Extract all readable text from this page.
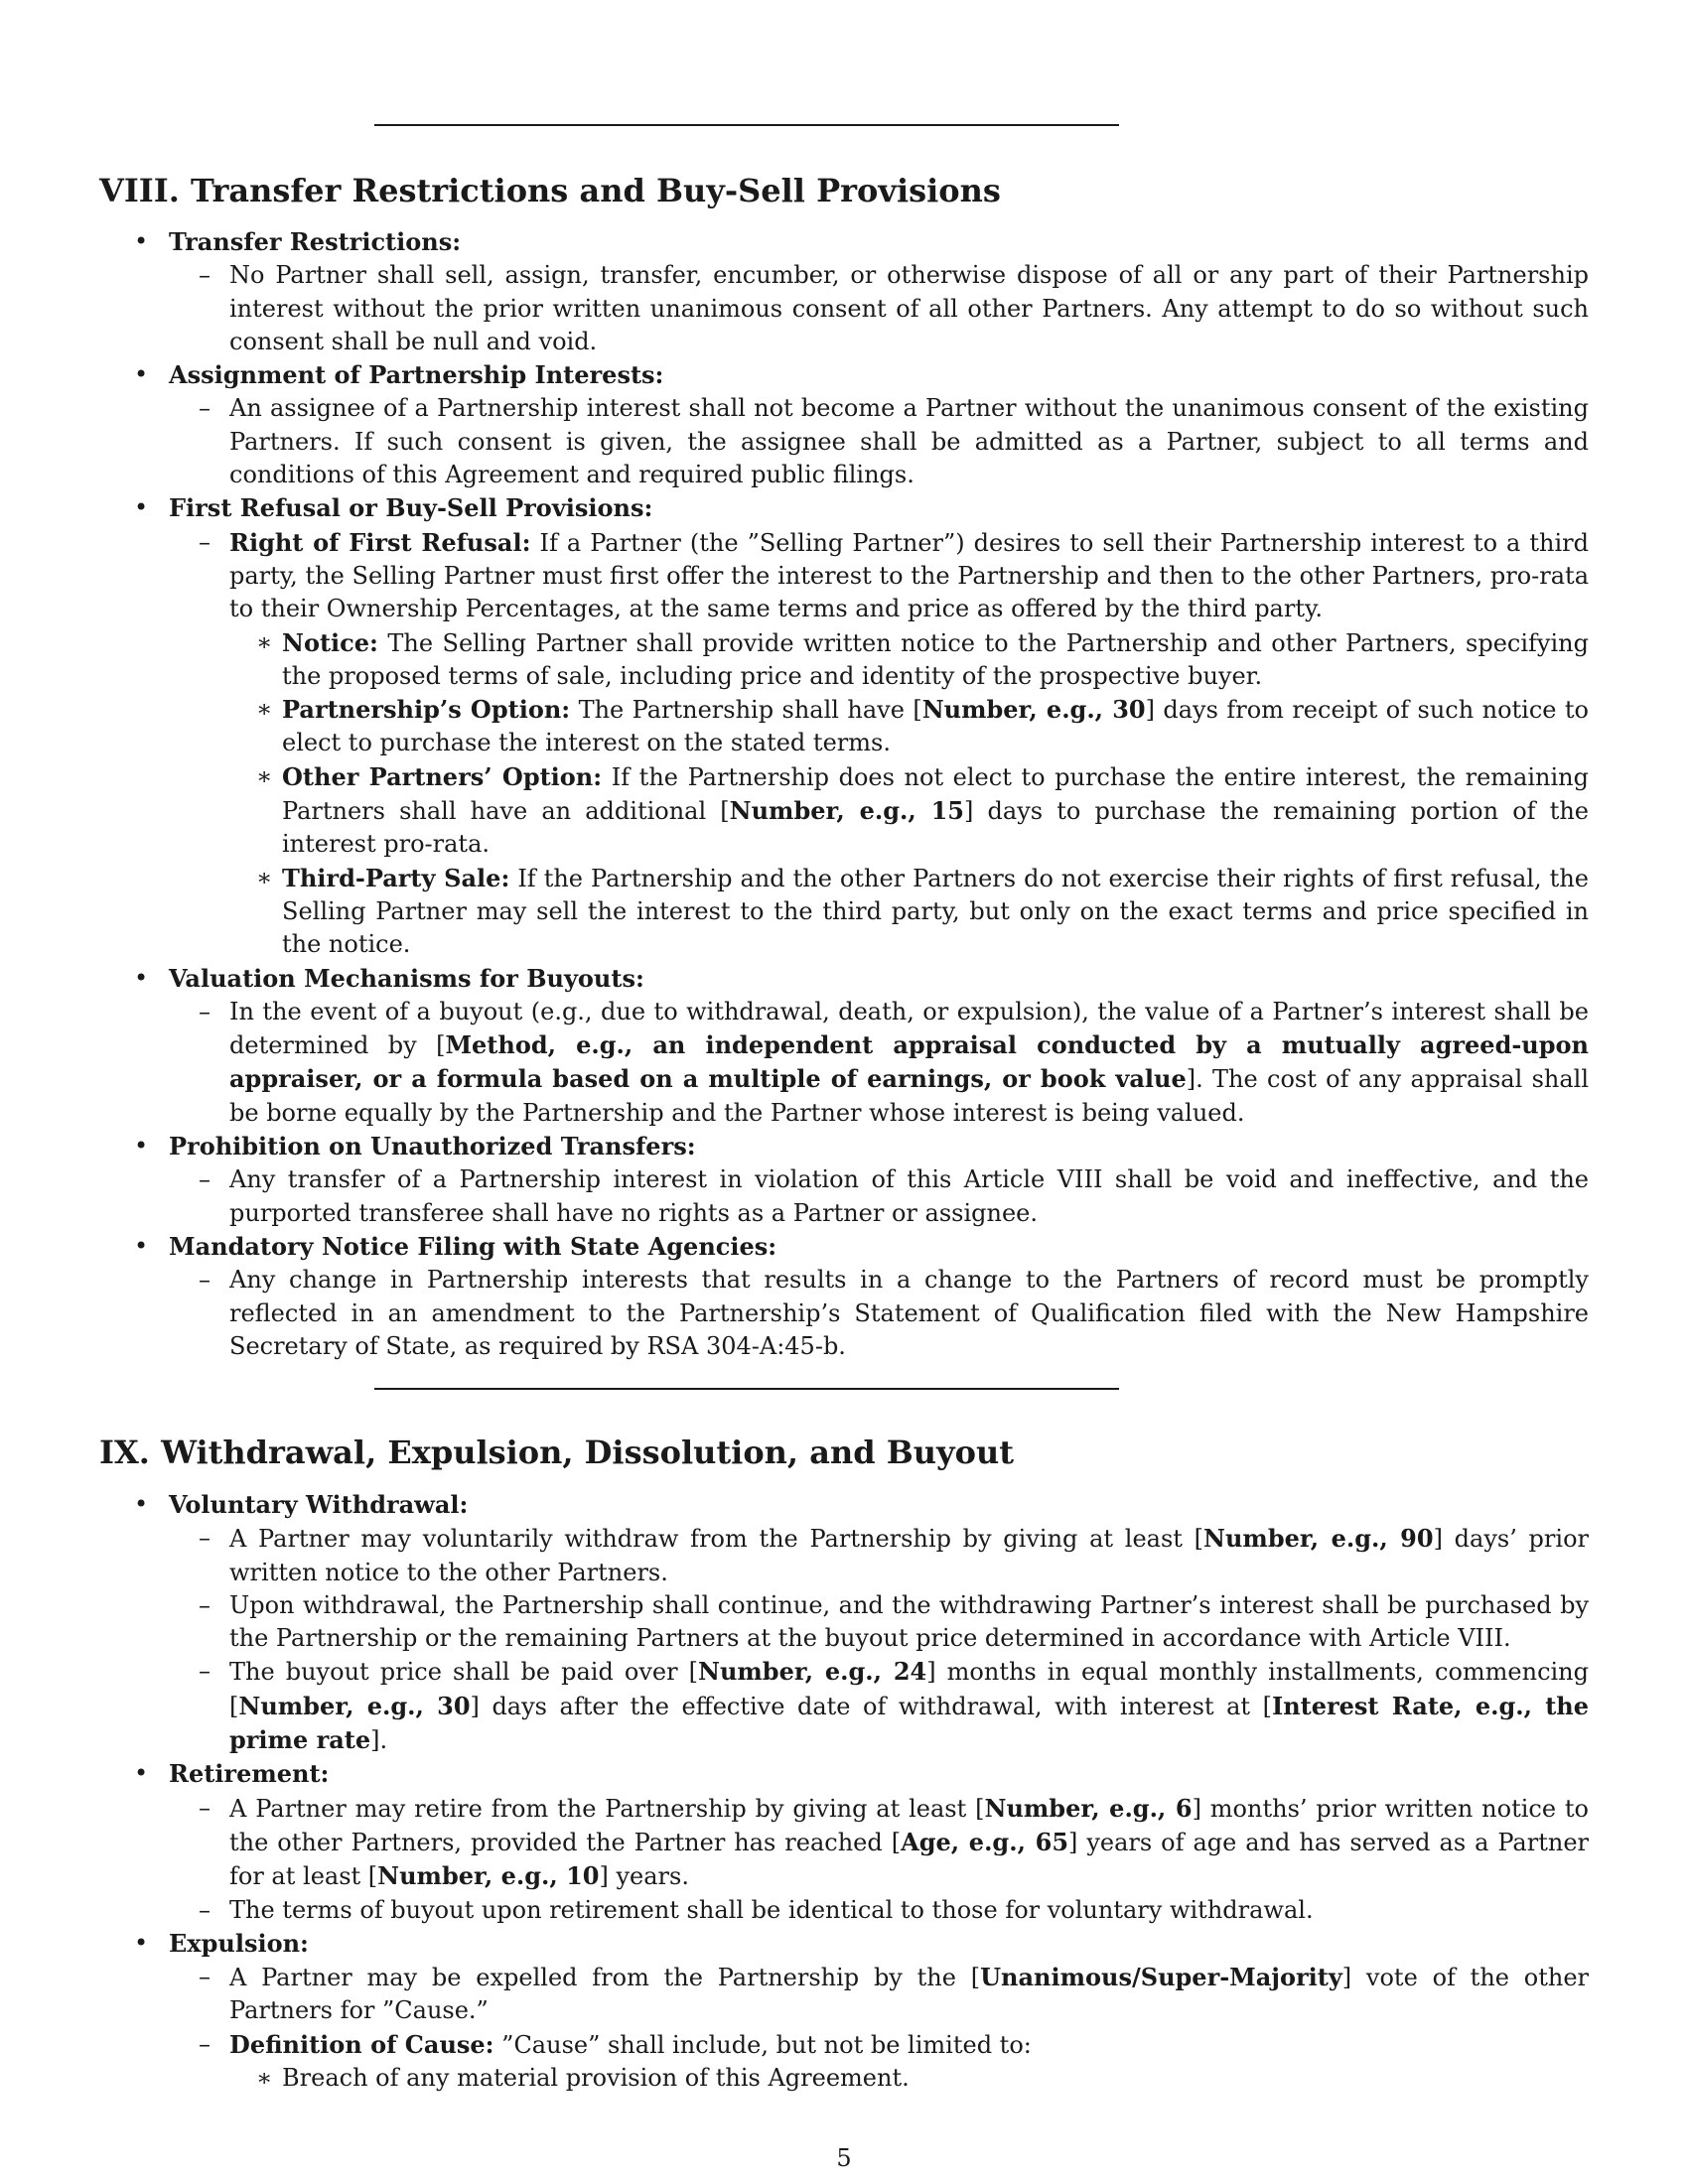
VIII. Transfer Restrictions and Buy-Sell Provisions
• Transfer Restrictions:
– No Partner shall sell, assign, transfer, encumber, or otherwise dispose of all or any part of their Partnership interest without the prior written unanimous consent of all other Partners. Any attempt to do so without such consent shall be null and void.
• Assignment of Partnership Interests:
– An assignee of a Partnership interest shall not become a Partner without the unanimous consent of the existing Partners. If such consent is given, the assignee shall be admitted as a Partner, subject to all terms and conditions of this Agreement and required public filings.
• First Refusal or Buy-Sell Provisions:
– Right of First Refusal: If a Partner (the ”Selling Partner”) desires to sell their Partnership interest to a third party, the Selling Partner must first offer the interest to the Partnership and then to the other Partners, pro-rata to their Ownership Percentages, at the same terms and price as offered by the third party.
∗ Notice: The Selling Partner shall provide written notice to the Partnership and other Partners, specifying the proposed terms of sale, including price and identity of the prospective buyer.
∗ Partnership’s Option: The Partnership shall have [Number, e.g., 30] days from receipt of such notice to elect to purchase the interest on the stated terms.
∗ Other Partners’ Option: If the Partnership does not elect to purchase the entire interest, the remaining Partners shall have an additional [Number, e.g., 15] days to purchase the remaining portion of the interest pro-rata.
∗ Third-Party Sale: If the Partnership and the other Partners do not exercise their rights of first refusal, the Selling Partner may sell the interest to the third party, but only on the exact terms and price specified in the notice.
• Valuation Mechanisms for Buyouts:
– In the event of a buyout (e.g., due to withdrawal, death, or expulsion), the value of a Partner’s interest shall be determined by [Method, e.g., an independent appraisal conducted by a mutually agreed-upon appraiser, or a formula based on a multiple of earnings, or book value]. The cost of any appraisal shall be borne equally by the Partnership and the Partner whose interest is being valued.
• Prohibition on Unauthorized Transfers:
– Any transfer of a Partnership interest in violation of this Article VIII shall be void and ineffective, and the purported transferee shall have no rights as a Partner or assignee.
• Mandatory Notice Filing with State Agencies:
– Any change in Partnership interests that results in a change to the Partners of record must be promptly reflected in an amendment to the Partnership’s Statement of Qualification filed with the New Hampshire Secretary of State, as required by RSA 304-A:45-b.
IX. Withdrawal, Expulsion, Dissolution, and Buyout
• Voluntary Withdrawal:
– A Partner may voluntarily withdraw from the Partnership by giving at least [Number, e.g., 90] days’ prior written notice to the other Partners.
– Upon withdrawal, the Partnership shall continue, and the withdrawing Partner’s interest shall be purchased by the Partnership or the remaining Partners at the buyout price determined in accordance with Article VIII.
– The buyout price shall be paid over [Number, e.g., 24] months in equal monthly installments, commencing [Number, e.g., 30] days after the effective date of withdrawal, with interest at [Interest Rate, e.g., the prime rate].
• Retirement:
– A Partner may retire from the Partnership by giving at least [Number, e.g., 6] months’ prior written notice to the other Partners, provided the Partner has reached [Age, e.g., 65] years of age and has served as a Partner for at least [Number, e.g., 10] years.
– The terms of buyout upon retirement shall be identical to those for voluntary withdrawal.
• Expulsion:
– A Partner may be expelled from the Partnership by the [Unanimous/Super-Majority] vote of the other Partners for ”Cause.”
– Definition of Cause: ”Cause” shall include, but not be limited to:
∗ Breach of any material provision of this Agreement.
5
